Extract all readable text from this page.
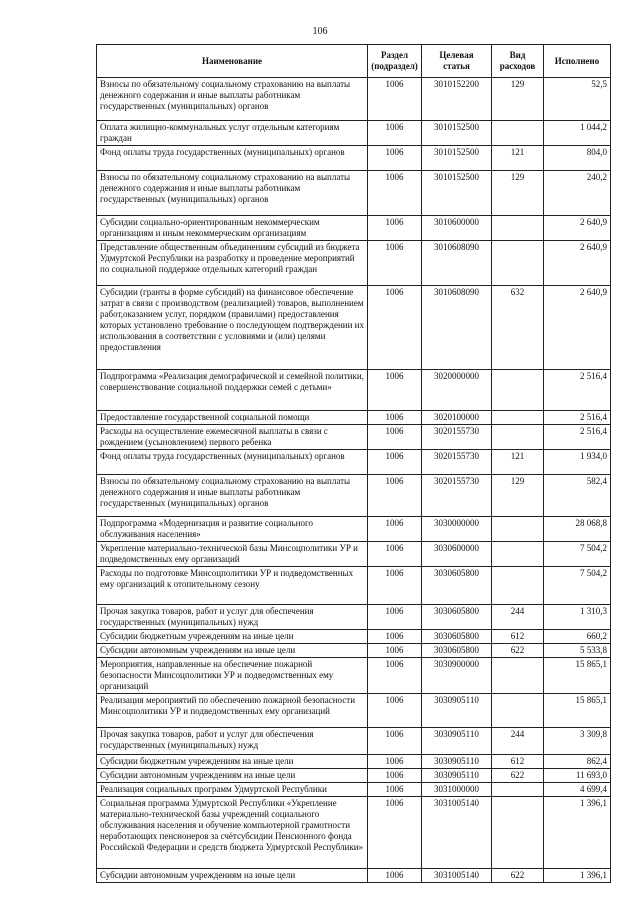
106
Наименование	Раздел (подраздел)	Целевая статья	Вид расходов	Исполнено
Взносы по обязательному социальному страхованию на выплаты денежного содержания и иные выплаты работникам государственных (муниципальных) органов	1006	3010152200	129	52,5
Оплата жилищно-коммунальных услуг отдельным категориям граждан	1006	3010152500		1 044,2
Фонд оплаты труда государственных (муниципальных) органов	1006	3010152500	121	804,0
Взносы по обязательному социальному страхованию на выплаты денежного содержания и иные выплаты работникам государственных (муниципальных) органов	1006	3010152500	129	240,2
Субсидии социально-ориентированным некоммерческим организациям и иным некоммерческим организациям	1006	3010600000		2 640,9
Представление общественным объединениям субсидий из бюджета Удмуртской Республики на разработку и проведение мероприятий по социальной поддержке отдельных категорий граждан	1006	3010608090		2 640,9
Субсидии (гранты в форме субсидий) на финансовое обеспечение затрат в связи с производством (реализацией) товаров, выполнением работ,оказанием услуг, порядком (правилами) предоставления которых установлено требование о последующем подтверждении их использования в соответствии с условиями и (или) целями предоставления	1006	3010608090	632	2 640,9
Подпрограмма «Реализация демографической и семейной политики, совершенствование социальной поддержки семей с детьми»	1006	3020000000		2 516,4
Предоставление государственной социальной помощи	1006	3020100000		2 516,4
Расходы на осуществление ежемесячной выплаты в связи с рождением (усыновлением) первого ребенка	1006	3020155730		2 516,4
Фонд оплаты труда государственных (муниципальных) органов	1006	3020155730	121	1 934,0
Взносы по обязательному социальному страхованию на выплаты денежного содержания и иные выплаты работникам государственных (муниципальных) органов	1006	3020155730	129	582,4
Подпрограмма «Модернизация и развитие социального обслуживания населения»	1006	3030000000		28 068,8
Укрепление материально-технической базы Минсоцполитики УР и подведомственных ему организаций	1006	3030600000		7 504,2
Расходы по подготовке Минсоцполитики УР и подведомственных ему организаций к отопительному сезону	1006	3030605800		7 504,2
Прочая закупка товаров, работ и услуг для обеспечения государственных (муниципальных) нужд	1006	3030605800	244	1 310,3
Субсидии бюджетным учреждениям на иные цели	1006	3030605800	612	660,2
Субсидии автономным учреждениям на иные цели	1006	3030605800	622	5 533,8
Мероприятия, направленные на обеспечение пожарной безопасности Минсоцполитики УР и подведомственных ему организаций	1006	3030900000		15 865,1
Реализация мероприятий по обеспечению пожарной безопасности Минсоцполитики УР и подведомственных ему организаций	1006	3030905110		15 865,1
Прочая закупка товаров, работ и услуг для обеспечения государственных (муниципальных) нужд	1006	3030905110	244	3 309,8
Субсидии бюджетным учреждениям на иные цели	1006	3030905110	612	862,4
Субсидии автономным учреждениям на иные цели	1006	3030905110	622	11 693,0
Реализация социальных программ Удмуртской Республики	1006	3031000000		4 699,4
Социальная программа Удмуртской Республики «Укрепление материально-технической базы учреждений социального обслуживания населения и обучение компьютерной грамотности неработающих пенсионеров за счётсубсидии Пенсионного фонда Российской Федерации и средств бюджета Удмуртской Республики»	1006	3031005140		1 396,1
Субсидии автономным учреждениям на иные цели	1006	3031005140	622	1 396,1
